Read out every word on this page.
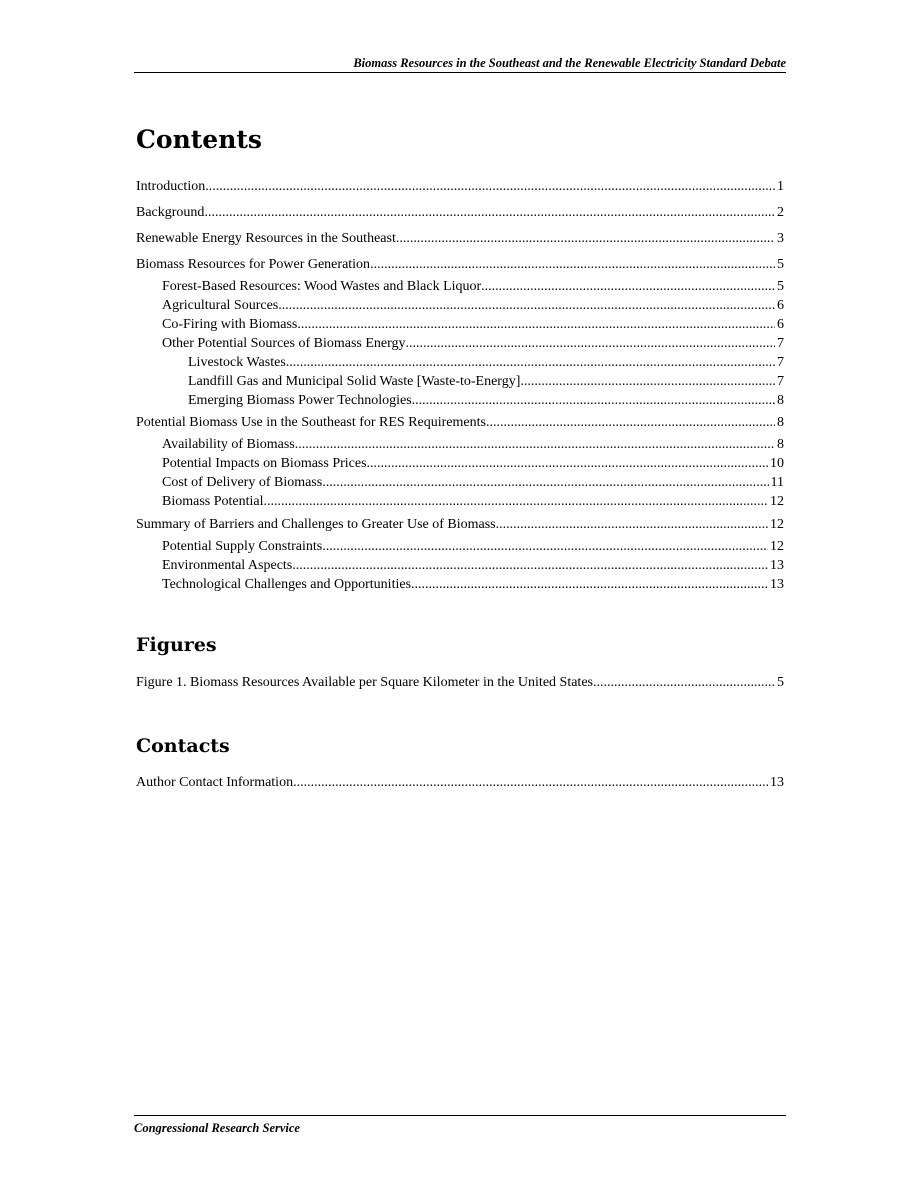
Biomass Resources in the Southeast and the Renewable Electricity Standard Debate
Contents
Introduction .....	1
Background .....	2
Renewable Energy Resources in the Southeast .....	3
Biomass Resources for Power Generation .....	5
Forest-Based Resources: Wood Wastes and Black Liquor .....	5
Agricultural Sources .....	6
Co-Firing with Biomass .....	6
Other Potential Sources of Biomass Energy .....	7
Livestock Wastes .....	7
Landfill Gas and Municipal Solid Waste [Waste-to-Energy] .....	7
Emerging Biomass Power Technologies .....	8
Potential Biomass Use in the Southeast for RES Requirements .....	8
Availability of Biomass .....	8
Potential Impacts on Biomass Prices .....	10
Cost of Delivery of Biomass .....	11
Biomass Potential .....	12
Summary of Barriers and Challenges to Greater Use of Biomass .....	12
Potential Supply Constraints .....	12
Environmental Aspects .....	13
Technological Challenges and Opportunities .....	13
Figures
Figure 1. Biomass Resources Available per Square Kilometer in the United States .....	5
Contacts
Author Contact Information .....	13
Congressional Research Service
